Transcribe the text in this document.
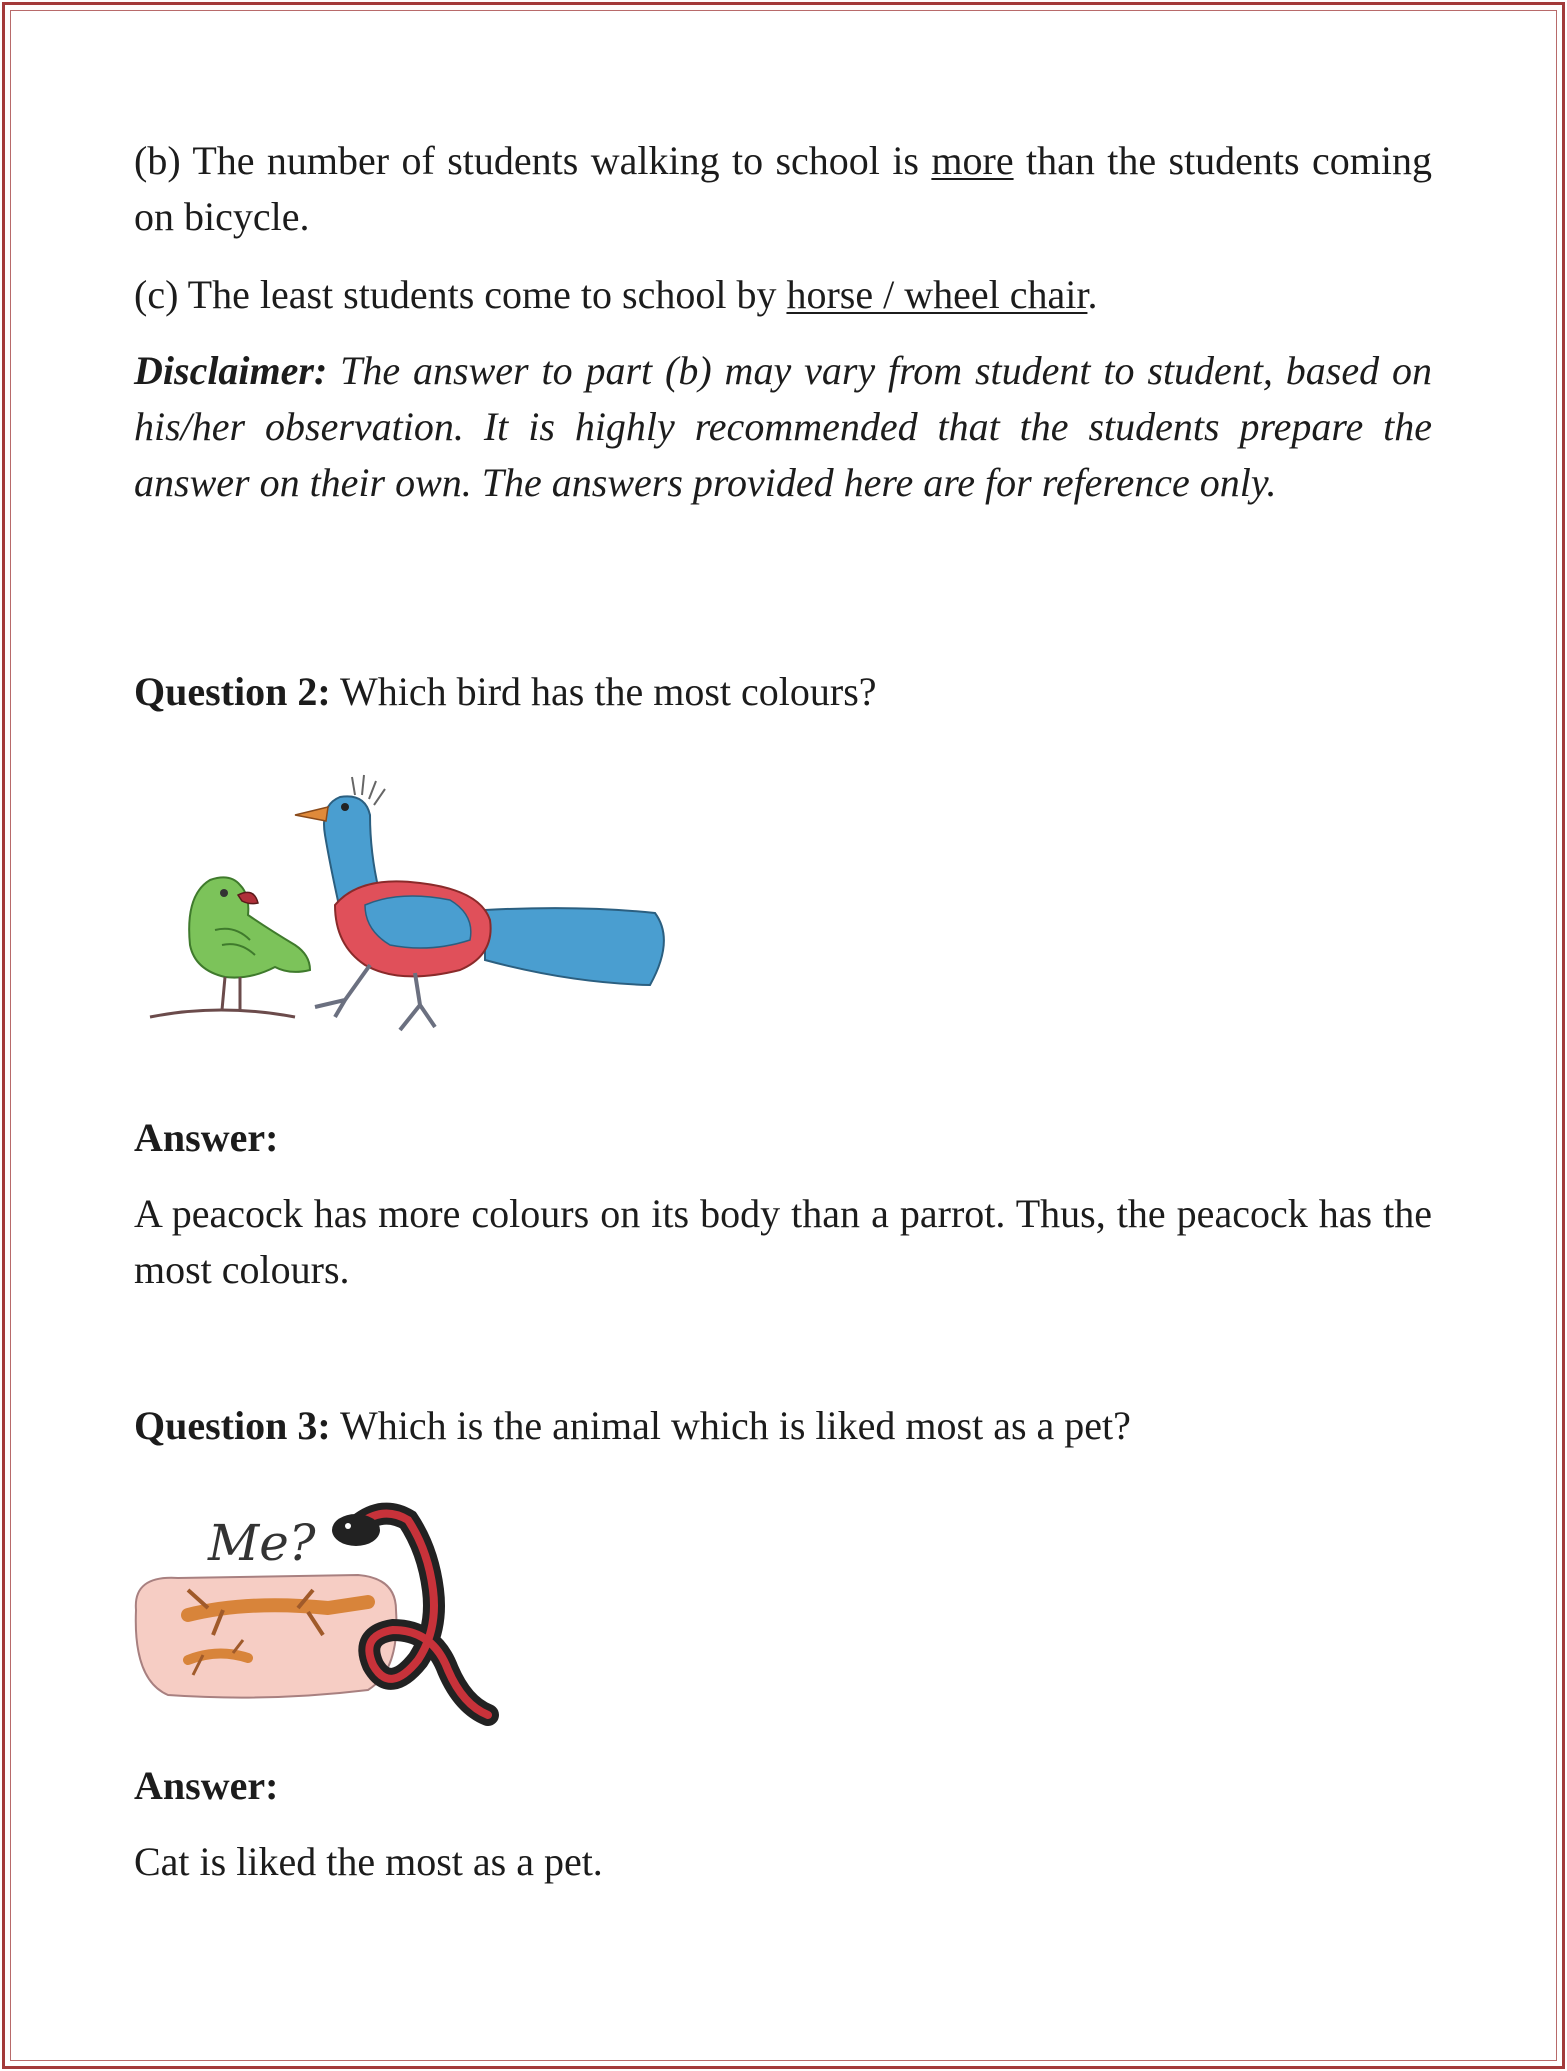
(b) The number of students walking to school is more than the students coming on bicycle.

(c) The least students come to school by horse / wheel chair.

Disclaimer: The answer to part (b) may vary from student to student, based on his/her observation. It is highly recommended that the students prepare the answer on their own. The answers provided here are for reference only.

Question 2: Which bird has the most colours?

Answer:

A peacock has more colours on its body than a parrot. Thus, the peacock has the most colours.

Question 3: Which is the animal which is liked most as a pet?

Me?

Answer:

Cat is liked the most as a pet.
